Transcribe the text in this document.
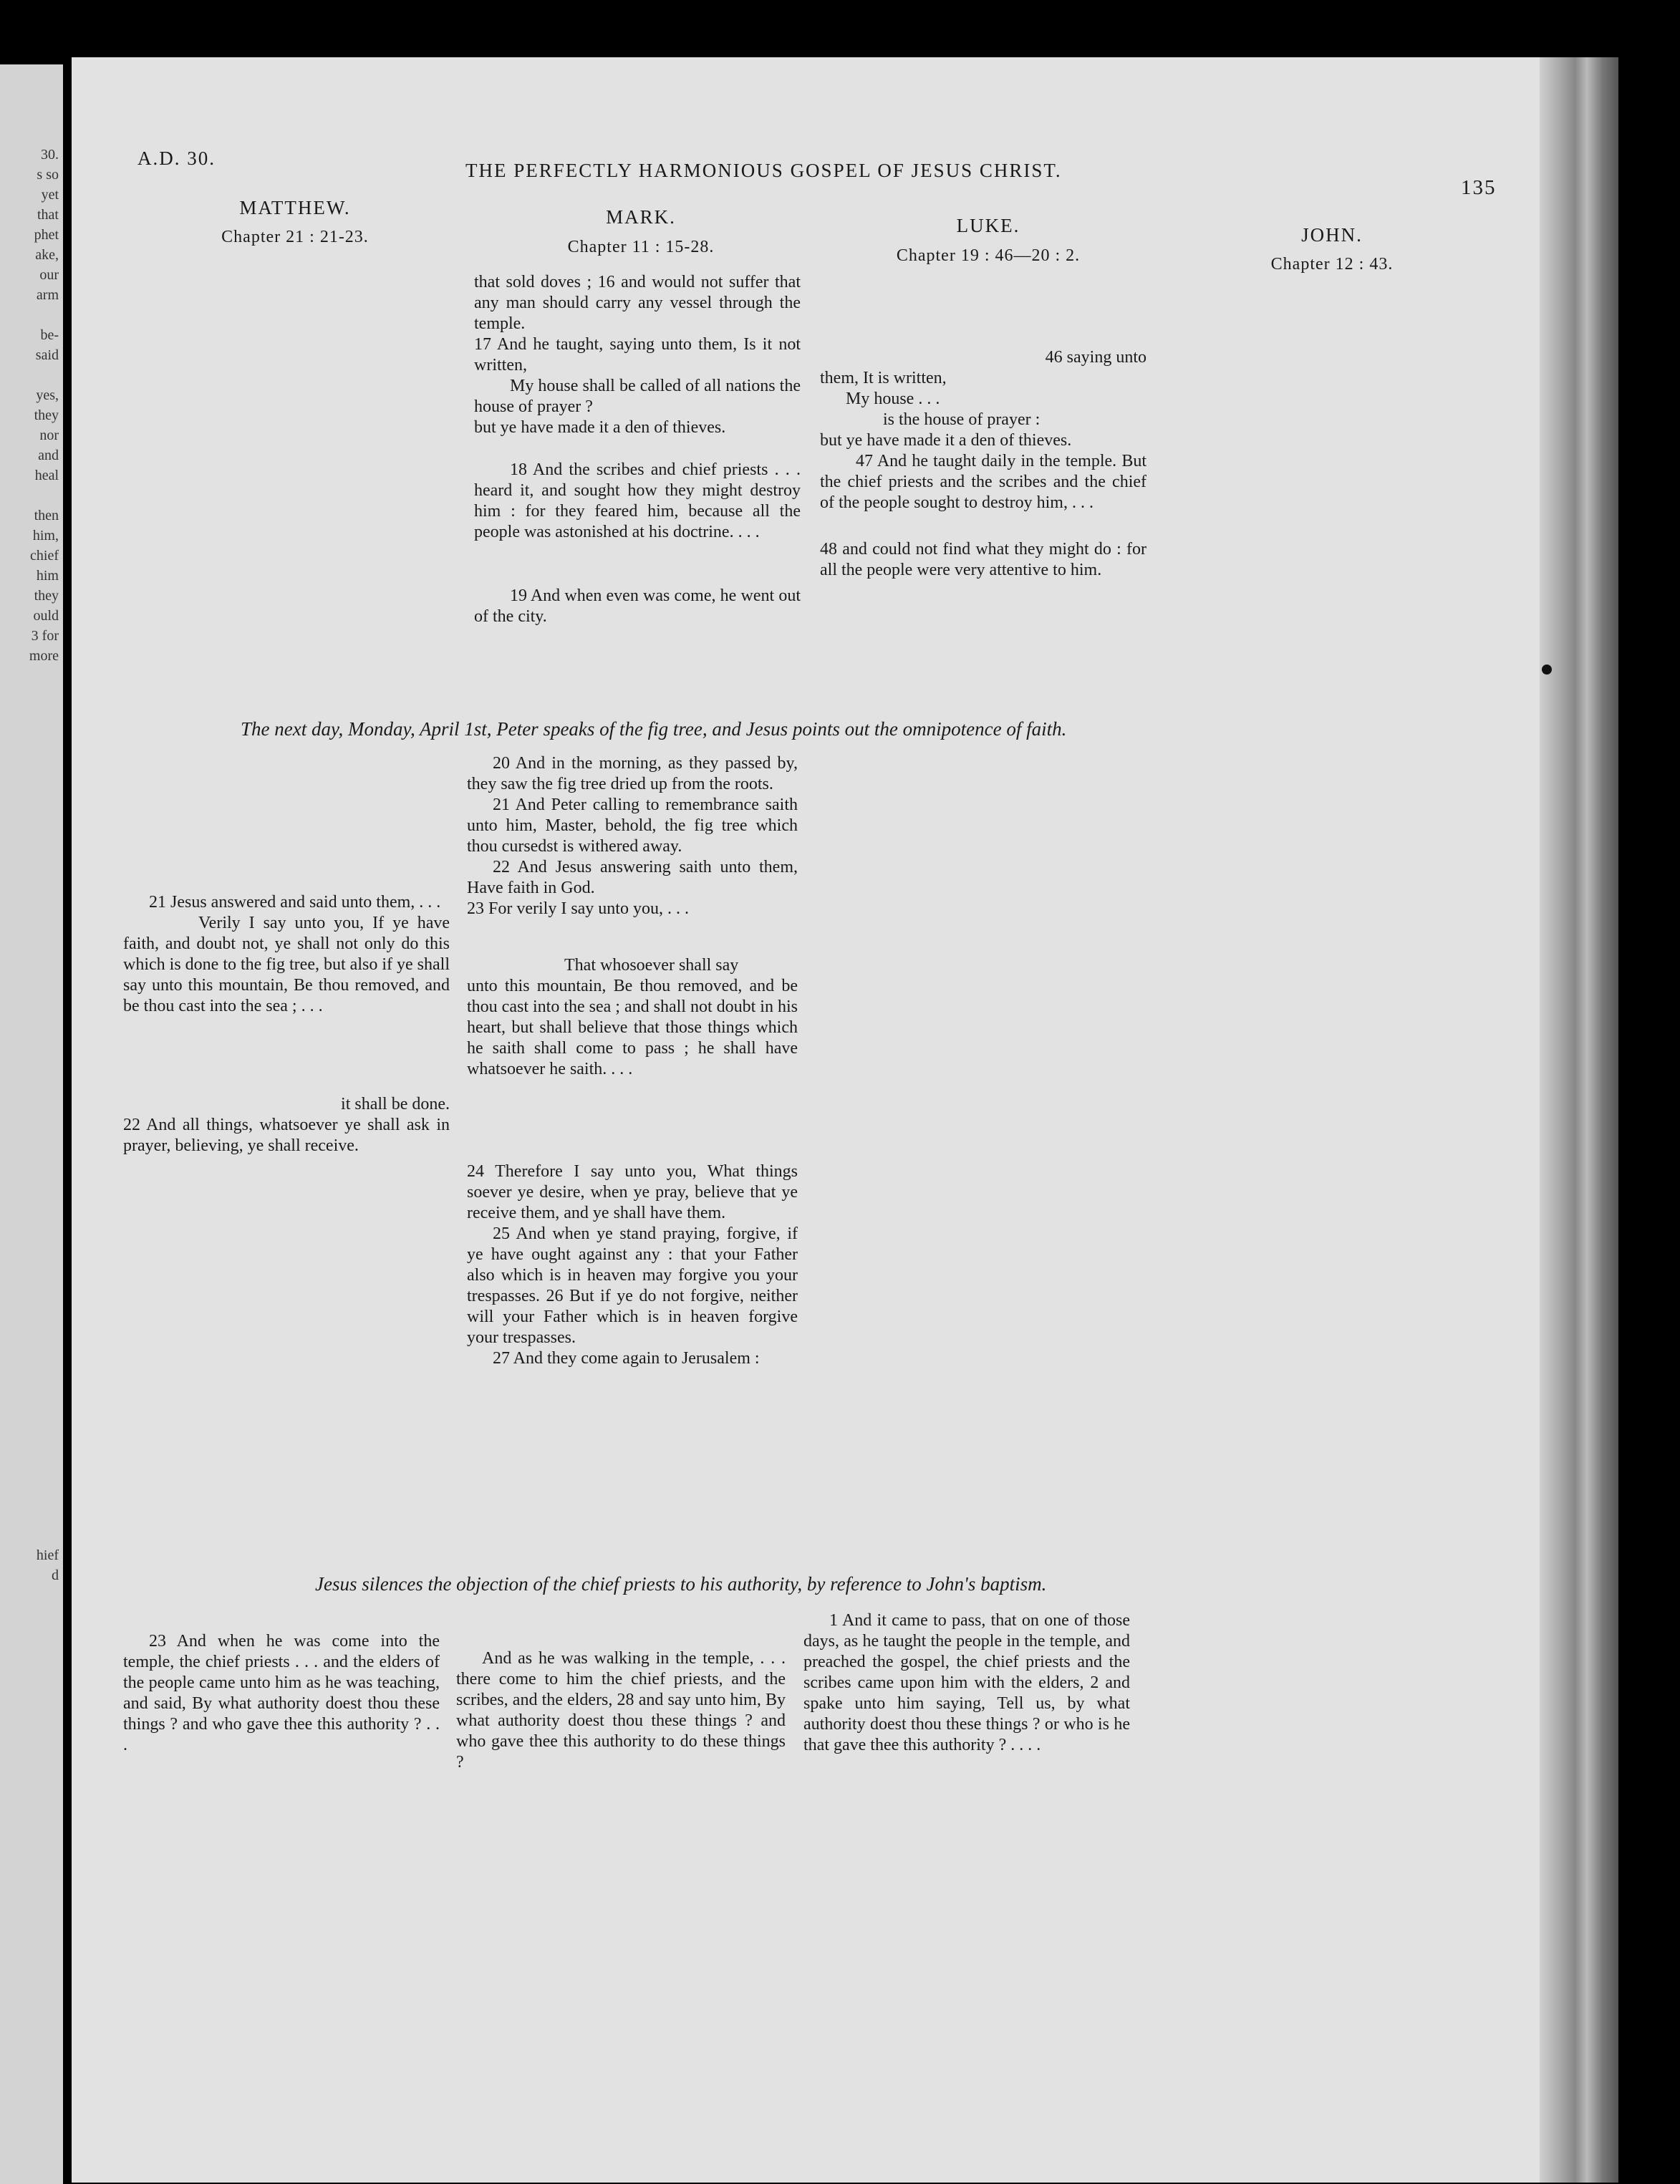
30.
s so
yet
that
phet
ake,
our
arm

be-
said

yes,
they
nor
and
heal

then
him,
chief
him
they
ould
3 for
more
hief
d
A.D. 30.
THE PERFECTLY HARMONIOUS GOSPEL OF JESUS CHRIST.
135
MATTHEW.
Chapter 21 : 21-23.
MARK.
Chapter 11 : 15-28.
LUKE.
Chapter 19 : 46—20 : 2.
JOHN.
Chapter 12 : 43.

that sold doves ; 16 and would not suffer that any man should carry any vessel through the temple.

17 And he taught, saying unto them, Is it not written,

My house shall be called of all nations the house of prayer ?

but ye have made it a den of thieves.

18 And the scribes and chief priests . . . heard it, and sought how they might destroy him : for they feared him, because all the people was astonished at his doctrine. . . .

19 And when even was come, he went out of the city.

46 saying unto

them, It is written,

My house . . .

is the house of prayer :

but ye have made it a den of thieves.

47 And he taught daily in the temple. But the chief priests and the scribes and the chief of the people sought to destroy him, . . .

48 and could not find what they might do : for all the people were very attentive to him.

The next day, Monday, April 1st, Peter speaks of the fig tree, and Jesus points out the omnipotence of faith.

20 And in the morning, as they passed by, they saw the fig tree dried up from the roots.

21 And Peter calling to remembrance saith unto him, Master, behold, the fig tree which thou cursedst is withered away.

22 And Jesus answering saith unto them, Have faith in God.

23 For verily I say unto you, . . .

That whosoever shall say

unto this mountain, Be thou removed, and be thou cast into the sea ; and shall not doubt in his heart, but shall believe that those things which he saith shall come to pass ; he shall have whatsoever he saith. . . .

24 Therefore I say unto you, What things soever ye desire, when ye pray, believe that ye receive them, and ye shall have them.

25 And when ye stand praying, forgive, if ye have ought against any : that your Father also which is in heaven may forgive you your trespasses. 26 But if ye do not forgive, neither will your Father which is in heaven forgive your trespasses.

27 And they come again to Jerusalem :

21 Jesus answered and said unto them, . . .

Verily I say unto you, If ye have faith, and doubt not, ye shall not only do this which is done to the fig tree, but also if ye shall say unto this mountain, Be thou removed, and be thou cast into the sea ; . . .

it shall be done.

22 And all things, whatsoever ye shall ask in prayer, believing, ye shall receive.

Jesus silences the objection of the chief priests to his authority, by reference to John's baptism.
23 And when he was come into the temple, the chief priests . . . and the elders of the people came unto him as he was teaching, and said, By what authority doest thou these things ? and who gave thee this authority ? . . .
And as he was walking in the temple, . . . there come to him the chief priests, and the scribes, and the elders, 28 and say unto him, By what authority doest thou these things ? and who gave thee this authority to do these things ?
1 And it came to pass, that on one of those days, as he taught the people in the temple, and preached the gospel, the chief priests and the scribes came upon him with the elders, 2 and spake unto him saying, Tell us, by what authority doest thou these things ? or who is he that gave thee this authority ? . . . .
